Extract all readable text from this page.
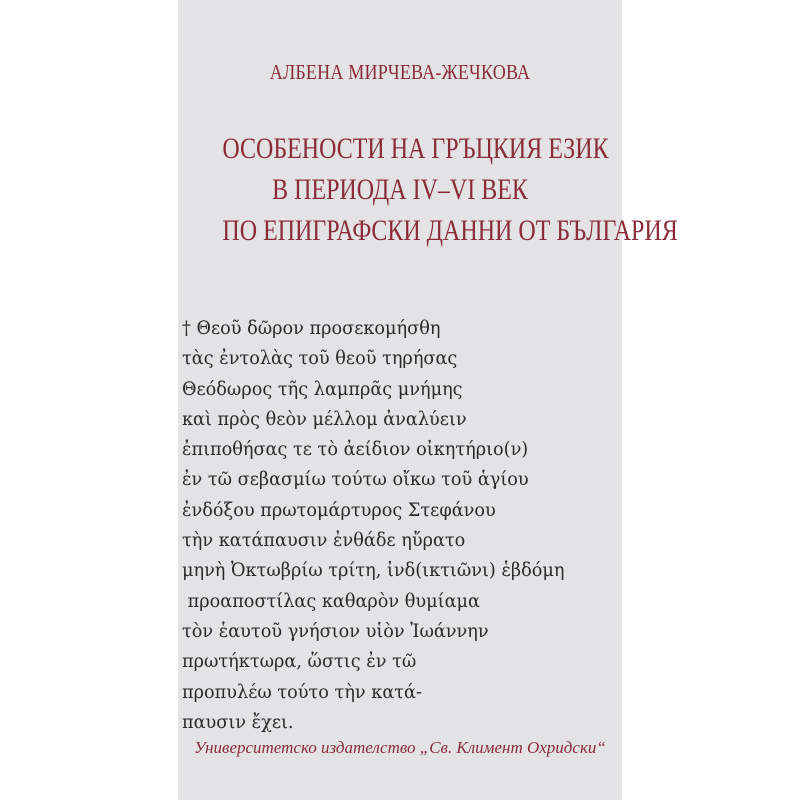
АЛБЕНА МИРЧЕВА-ЖЕЧКОВА
ОСОБЕНОСТИ НА ГРЪЦКИЯ ЕЗИК
В ПЕРИОДА IV–VI ВЕК
ПО ЕПИГРАФСКИ ДАННИ ОТ БЪЛГАРИЯ
† Θεοῦ δῶρον προσεκομήσθη
τὰς ἐντολὰς τοῦ θεοῦ τηρήσας
Θεόδωρος τῆς λαμπρᾶς μνήμης
καὶ πρὸς θεὸν μέλλομ ἀναλύειν
ἐπιποθήσας τε τὸ ἀείδιον οἰκητήριο(ν)
ἐν τῶ σεβασμίω τούτω οἴκω τοῦ ἁγίου
ἐνδόξου πρωτομάρτυρος Στεφάνου
τὴν κατάπαυσιν ἐνθάδε ηὔρατο
μηνὴ Ὀκτωβρίω τρίτη, ἰνδ(ικτιῶνι) ἑβδόμη
προαποστίλας καθαρὸν θυμίαμα
τὸν ἑαυτοῦ γνήσιον υἱὸν Ἰωάννην
πρωτήκτωρα, ὥστις ἐν τῶ
προπυλέω τούτο τὴν κατά-
παυσιν ἔχει.
Университетско издателство „Св. Климент Охридски“
